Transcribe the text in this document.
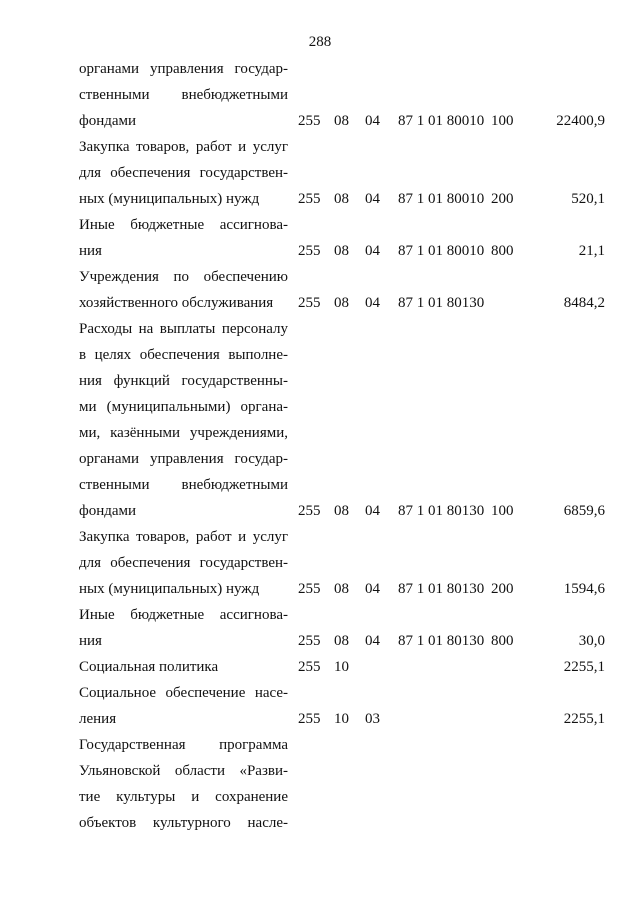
288
органами управления государ-
ственными внебюджетными
фондами	255 08 04 87 1 01 80010 100	22400,9
Закупка товаров, работ и услуг
для обеспечения государствен-
ных (муниципальных) нужд	255 08 04 87 1 01 80010 200	520,1
Иные бюджетные ассигнова-
ния	255 08 04 87 1 01 80010 800	21,1
Учреждения по обеспечению
хозяйственного обслуживания	255 08 04 87 1 01 80130	8484,2
Расходы на выплаты персоналу
в целях обеспечения выполне-
ния функций государственны-
ми (муниципальными) органа-
ми, казёнными учреждениями,
органами управления государ-
ственными внебюджетными
фондами	255 08 04 87 1 01 80130 100	6859,6
Закупка товаров, работ и услуг
для обеспечения государствен-
ных (муниципальных) нужд	255 08 04 87 1 01 80130 200	1594,6
Иные бюджетные ассигнова-
ния	255 08 04 87 1 01 80130 800	30,0
Социальная политика	255 10	2255,1
Социальное обеспечение насе-
ления	255 10 03	2255,1
Государственная программа
Ульяновской области «Разви-
тие культуры и сохранение
объектов культурного насле-
